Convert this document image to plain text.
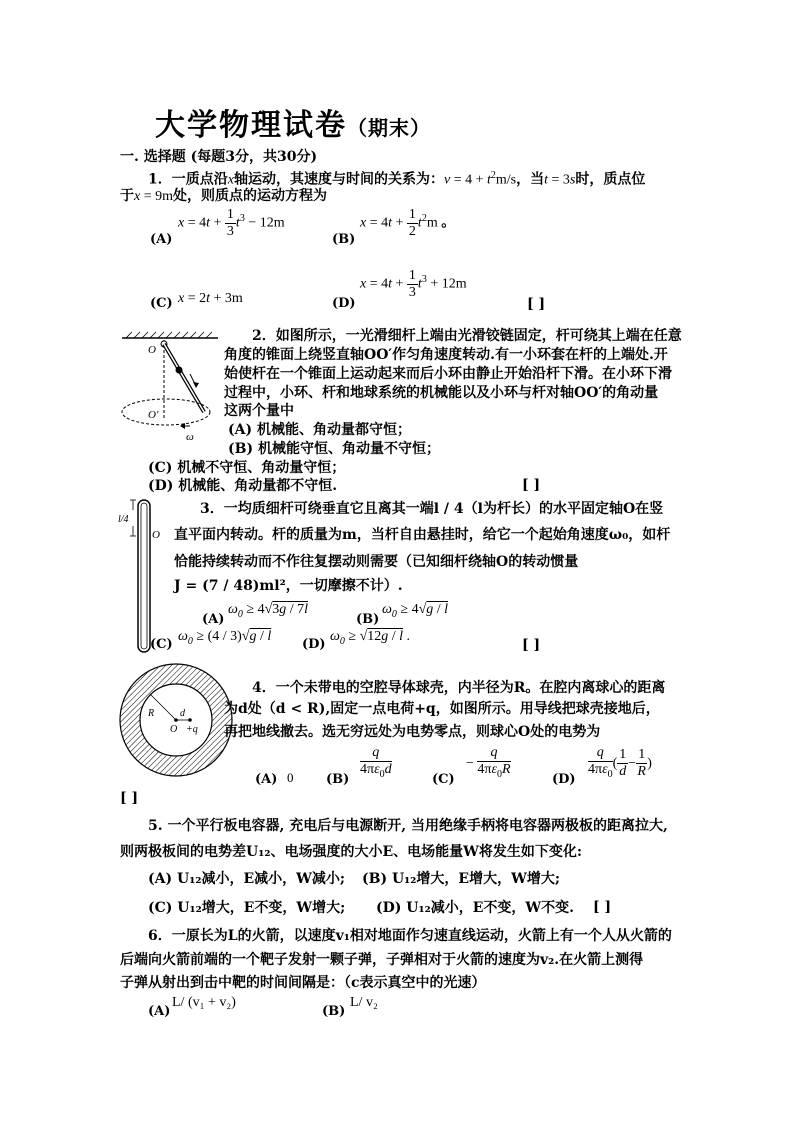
大学物理试卷（期末）
一. 选择题 (每题3分，共30分)
1．一质点沿x轴运动，其速度与时间的关系为：$v = 4 + t^2m/s$，当t = 3s时，质点位
于x = 9m处，则质点的运动方程为
(A)
$x = 4t + \frac{1}{3} t^3 - 12m$
(B)
$x = 4t + \frac{1}{2} t^2m$ 。
(C) x = 2t + 3m	(D)
$x = 4t + \frac{1}{3} t^3 + 12m$
[ ]
O
O′
ω
2．如图所示，一光滑细杆上端由光滑铰链固定，杆可绕其上端在任意
角度的锥面上绕竖直轴OO′作匀角速度转动.有一小环套在杆的上端处.开
始使杆在一个锥面上运动起来而后小环由静止开始沿杆下滑。在小环下滑
过程中，小环、杆和地球系统的机械能以及小环与杆对轴OO′的角动量
这两个量中
(A) 机械能、角动量都守恒；
(B) 机械能守恒、角动量不守恒；
(C) 机械不守恒、角动量守恒；
(D) 机械能、角动量都不守恒.	[ ]
l/4
O
3．一均质细杆可绕垂直它且离其一端l / 4（l为杆长）的水平固定轴O在竖
直平面内转动。杆的质量为m，当杆自由悬挂时，给它一个起始角速度ω₀，如杆
恰能持续转动而不作往复摆动则需要（已知细杆绕轴O的转动惯量
J = (7 / 48)ml²，一切摩擦不计）.
(A)
$\omega_0 \ge 4√3g / 7l$
(B)
$\omega_0 \ge 4√g / l$
(C)
$\omega_0 \ge (4 / 3)√g / l$
(D)
$\omega_0 \ge √12g / l$ .
[ ]
R	d
O +q
4．一个未带电的空腔导体球壳，内半径为R。在腔内离球心的距离
为d处（d < R),固定一点电荷+q，如图所示。用导线把球壳接地后，
再把地线撤去。选无穷远处为电势零点，则球心O处的电势为
(A) 0	$(B) \frac{q}{4\pi\varepsilon_0d}$	(C)
− $\frac{q}{4\pi\varepsilon_0R}$	$(D) \frac{q}{4\pi\varepsilon_0}$ ( $\frac{1}{d} - \frac{1}{R}$ )
[ ]
5. 一个平行板电容器, 充电后与电源断开, 当用绝缘手柄将电容器两极板的距离拉大,
则两极板间的电势差U₁₂、电场强度的大小E、电场能量W将发生如下变化:
(A) U₁₂减小，E减小，W减小; (B) U₁₂增大，E增大，W增大;
(C) U₁₂增大，E不变，W增大; (D) U₁₂减小，E不变，W不变. [ ]
6．一原长为L的火箭，以速度v₁相对地面作匀速直线运动，火箭上有一个人从火箭的
后端向火箭前端的一个靶子发射一颗子弹，子弹相对于火箭的速度为v₂.在火箭上测得
子弹从射出到击中靶的时间间隔是：（c表示真空中的光速）
(A)
L/ (v₁ + v₂)
(B)
L/ v₂
